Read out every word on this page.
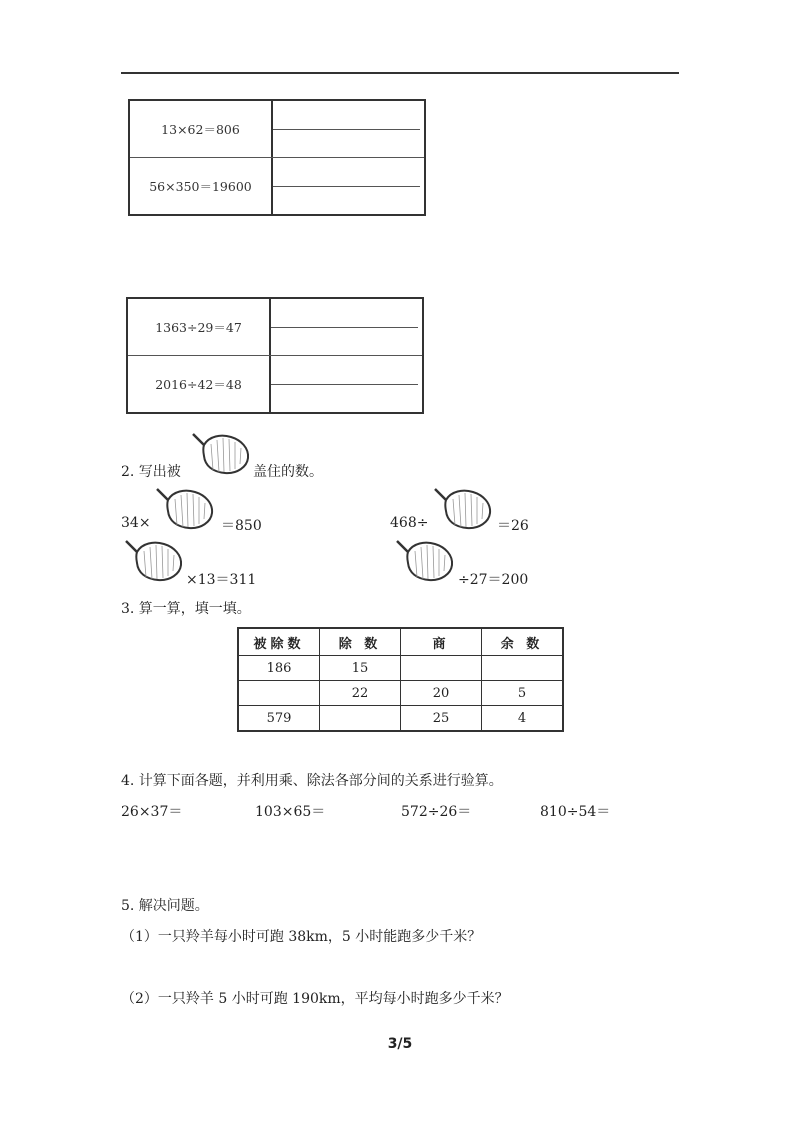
13×62＝806
56×350＝19600
1363÷29＝47
2016÷42＝48
2. 写出被	盖住的数。
34×	＝850	468÷	＝26
×13＝311	÷27＝200
3. 算一算，填一填。
被除数	除 数	商	余 数
186	15		
	22	20	5
579		25	4
4. 计算下面各题，并利用乘、除法各部分间的关系进行验算。
26×37＝	103×65＝	572÷26＝	810÷54＝
5. 解决问题。
（1）一只羚羊每小时可跑 38km，5 小时能跑多少千米？
（2）一只羚羊 5 小时可跑 190km，平均每小时跑多少千米？
3/5
